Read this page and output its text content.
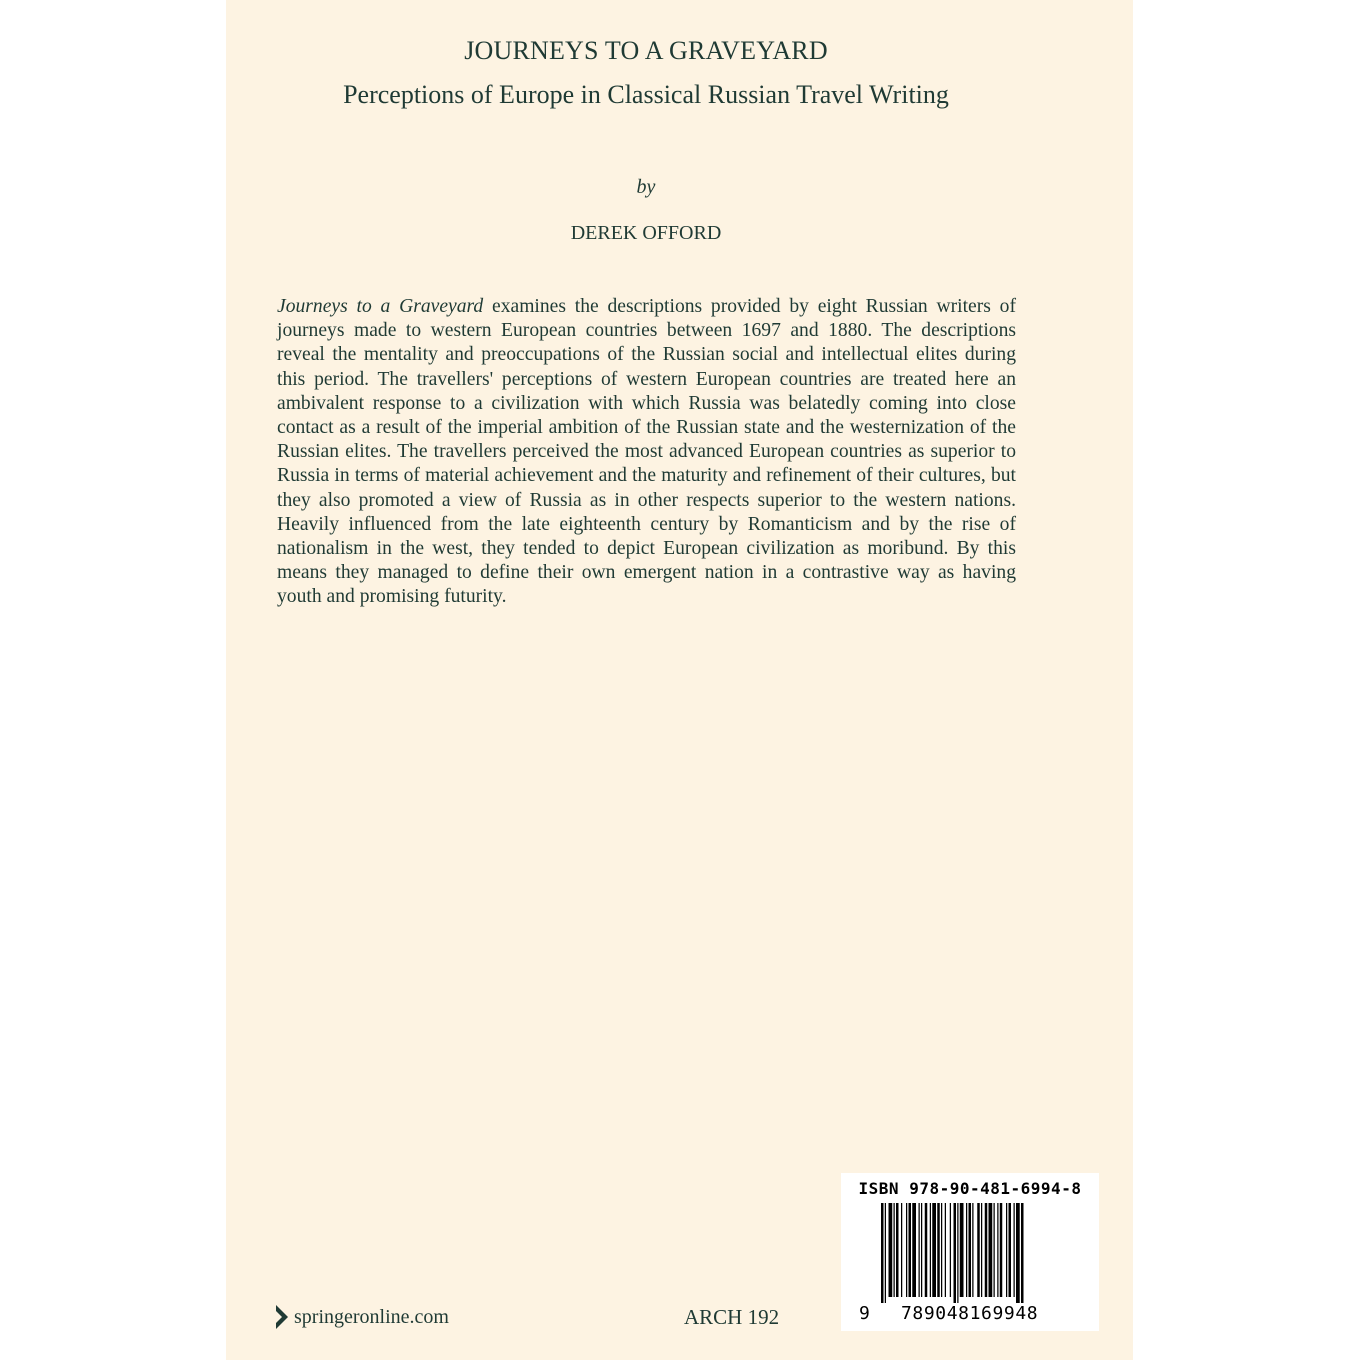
JOURNEYS TO A GRAVEYARD
Perceptions of Europe in Classical Russian Travel Writing
by
DEREK OFFORD

Journeys to a Graveyard examines the descriptions provided by eight Russian writers of journeys made to western European countries between 1697 and 1880. The descriptions reveal the mentality and preoccupations of the Russian social and intellectual elites during this period. The travellers' perceptions of western European countries are treated here an ambivalent response to a civilization with which Russia was belatedly coming into close contact as a result of the imperial ambition of the Russian state and the westernization of the Russian elites. The travellers perceived the most advanced European countries as superior to Russia in terms of material achievement and the maturity and refinement of their cultures, but they also promoted a view of Russia as in other respects superior to the western nations. Heavily influenced from the late eighteenth century by Romanticism and by the rise of nationalism in the west, they tended to depict European civilization as moribund. By this means they managed to define their own emergent nation in a contrastive way as having youth and promising futurity.

springeronline.com	ARCH 192
ISBN 978-90-481-6994-8
9 789048169948
